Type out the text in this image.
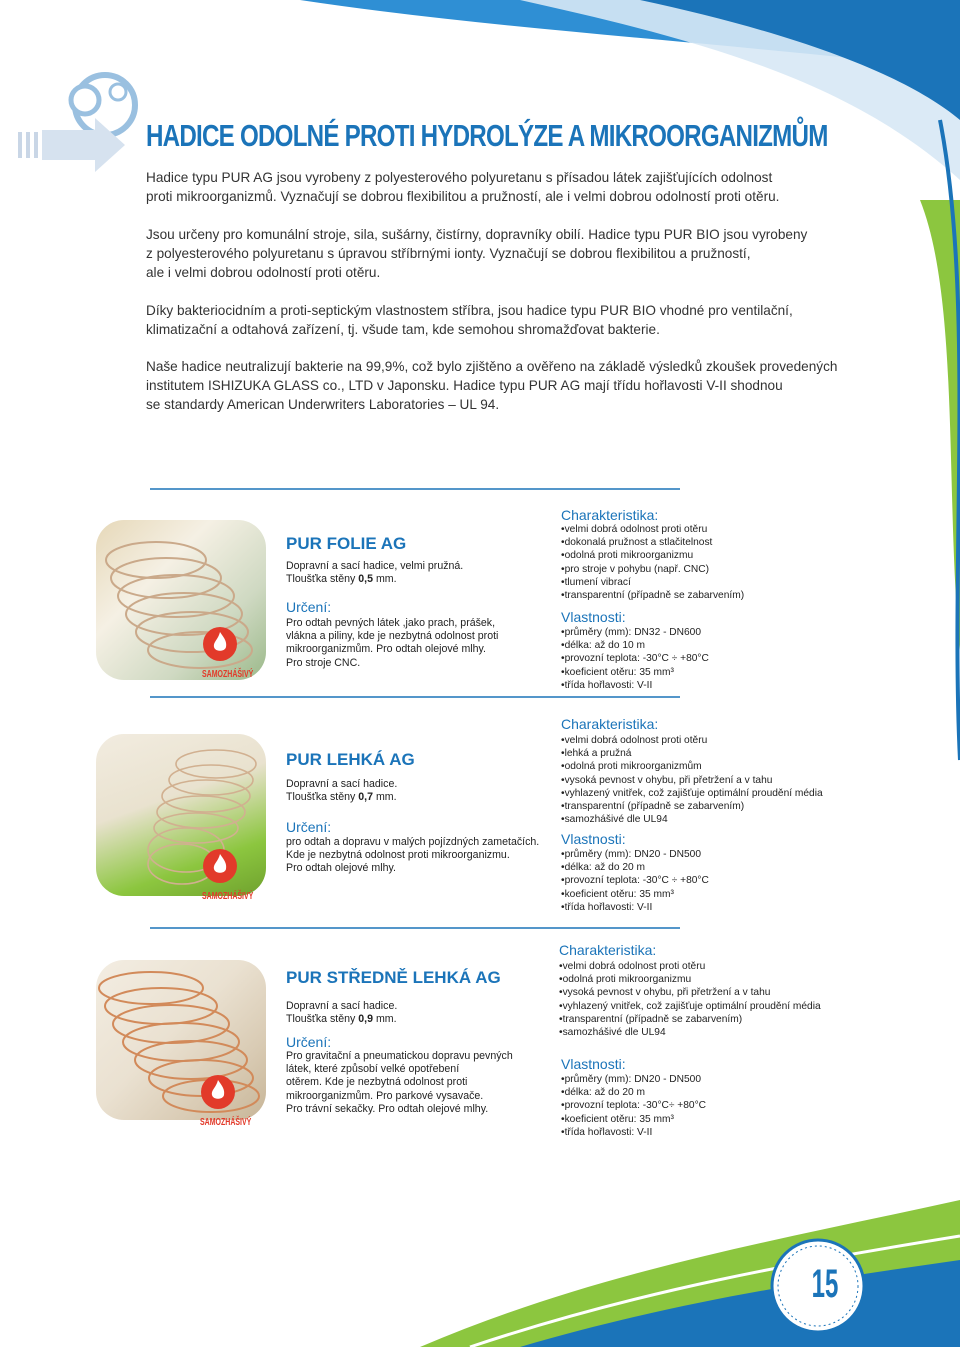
HADICE ODOLNÉ PROTI HYDROLÝZE A MIKROORGANIZMŮM

Hadice typu PUR AG jsou vyrobeny z polyesterového polyuretanu s přísadou látek zajišťujících odolnost
proti mikroorganizmů. Vyznačují se dobrou flexibilitou a pružností, ale i velmi dobrou odolností proti otěru.

Jsou určeny pro komunální stroje, sila, sušárny, čistírny, dopravníky obilí. Hadice typu PUR BIO jsou vyrobeny
z polyesterového polyuretanu s úpravou stříbrnými ionty. Vyznačují se dobrou flexibilitou a pružností,
ale i velmi dobrou odolností proti otěru.

Díky bakteriocidním a proti-septickým vlastnostem stříbra, jsou hadice typu PUR BIO vhodné pro ventilační,
klimatizační a odtahová zařízení, tj. všude tam, kde semohou shromažďovat bakterie.

Naše hadice neutralizují bakterie na 99,9%, což bylo zjištěno a ověřeno na základě výsledků zkoušek provedených
institutem ISHIZUKA GLASS co., LTD v Japonsku. Hadice typu PUR AG mají třídu hořlavosti V-II shodnou
se standardy American Underwriters Laboratories – UL 94.

SAMOZHÁŠIVÝ
PUR FOLIE AG
Dopravní a sací hadice, velmi pružná.
Tloušťka stěny 0,5 mm.
Určení:
Pro odtah pevných látek ,jako prach, prášek,
vlákna a piliny, kde je nezbytná odolnost proti
mikroorganizmům. Pro odtah olejové mlhy.
Pro stroje CNC.
Charakteristika:
• velmi dobrá odolnost proti otěru
• dokonalá pružnost a stlačitelnost
• odolná proti mikroorganizmu
• pro stroje v pohybu (např. CNC)
• tlumení vibrací
• transparentní (případně se zabarvením)
Vlastnosti:
• průměry (mm): DN32 - DN600
• délka: až do 10 m
• provozní teplota: -30°C ÷ +80°C
• koeficient otěru: 35 mm³
• třída hořlavosti: V-II
SAMOZHÁŠIVÝ
PUR LEHKÁ AG
Dopravní a sací hadice.
Tloušťka stěny 0,7 mm.
Určení:
pro odtah a dopravu v malých pojízdných zametačích.
Kde je nezbytná odolnost proti mikroorganizmu.
Pro odtah olejové mlhy.
Charakteristika:
• velmi dobrá odolnost proti otěru
• lehká a pružná
• odolná proti mikroorganizmům
• vysoká pevnost v ohybu, při přetržení a v tahu
• vyhlazený vnitřek, což zajišťuje optimální proudění média
• transparentní (případně se zabarvením)
• samozhášivé dle UL94
Vlastnosti:
• průměry (mm): DN20 - DN500
• délka: až do 20 m
• provozní teplota: -30°C ÷ +80°C
• koeficient otěru: 35 mm³
• třída hořlavosti: V-II
SAMOZHÁŠIVÝ
PUR STŘEDNĚ LEHKÁ AG
Dopravní a sací hadice.
Tloušťka stěny 0,9 mm.
Určení:
Pro gravitační a pneumatickou dopravu pevných
látek, které způsobí velké opotřebení
otěrem. Kde je nezbytná odolnost proti
mikroorganizmům. Pro parkové vysavače.
Pro trávní sekačky. Pro odtah olejové mlhy.
Charakteristika:
• velmi dobrá odolnost proti otěru
• odolná proti mikroorganizmu
• vysoká pevnost v ohybu, při přetržení a v tahu
• vyhlazený vnitřek, což zajišťuje optimální proudění média
• transparentní (případně se zabarvením)
• samozhášivé dle UL94
Vlastnosti:
• průměry (mm): DN20 - DN500
• délka: až do 20 m
• provozní teplota: -30°C÷ +80°C
• koeficient otěru: 35 mm³
• třída hořlavosti: V-II
15
